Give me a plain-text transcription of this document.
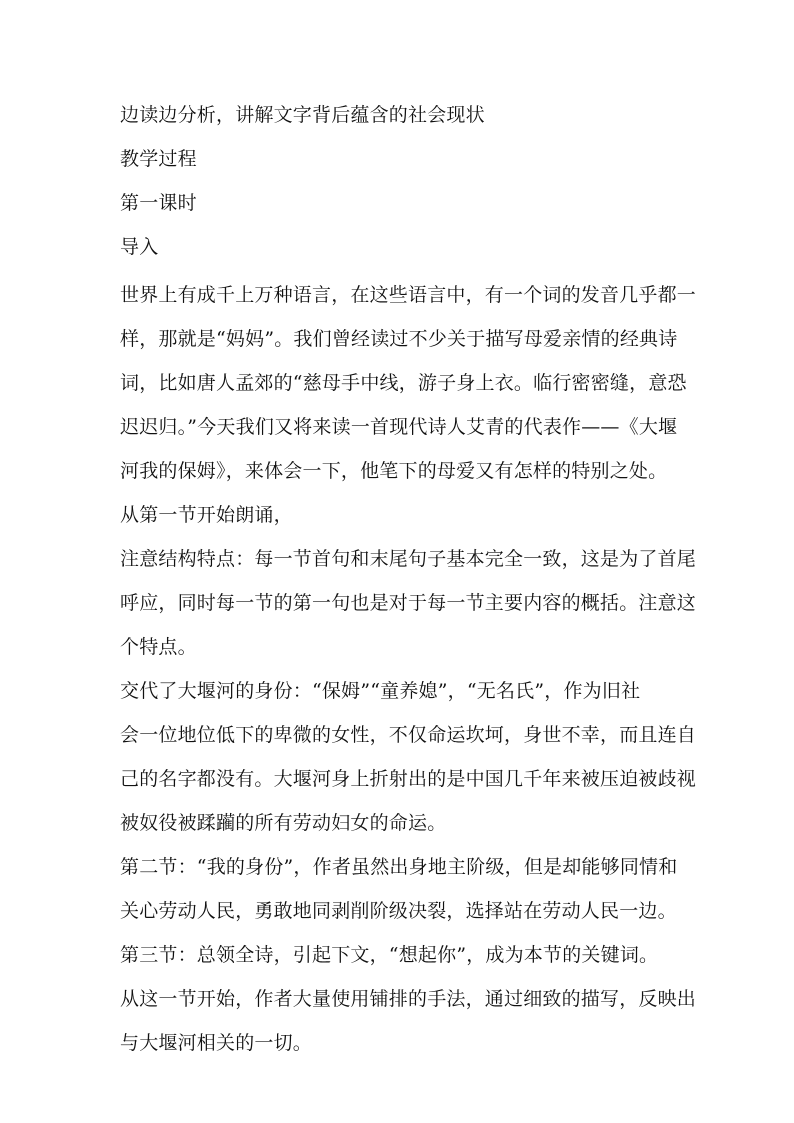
边读边分析，讲解文字背后蕴含的社会现状
教学过程
第一课时
导入
世界上有成千上万种语言，在这些语言中，有一个词的发音几乎都一
样，那就是“妈妈”。我们曾经读过不少关于描写母爱亲情的经典诗
词，比如唐人孟郊的“慈母手中线，游子身上衣。临行密密缝，意恐
迟迟归。”今天我们又将来读一首现代诗人艾青的代表作——《大堰
河我的保姆》，来体会一下，他笔下的母爱又有怎样的特别之处。
从第一节开始朗诵，
注意结构特点：每一节首句和末尾句子基本完全一致，这是为了首尾
呼应，同时每一节的第一句也是对于每一节主要内容的概括。注意这
个特点。
交代了大堰河的身份：“保姆”“童养媳”，“无名氏”，作为旧社
会一位地位低下的卑微的女性，不仅命运坎坷，身世不幸，而且连自
己的名字都没有。大堰河身上折射出的是中国几千年来被压迫被歧视
被奴役被蹂躏的所有劳动妇女的命运。
第二节：“我的身份”，作者虽然出身地主阶级，但是却能够同情和
关心劳动人民，勇敢地同剥削阶级决裂，选择站在劳动人民一边。
第三节：总领全诗，引起下文，“想起你”，成为本节的关键词。
从这一节开始，作者大量使用铺排的手法，通过细致的描写，反映出
与大堰河相关的一切。
